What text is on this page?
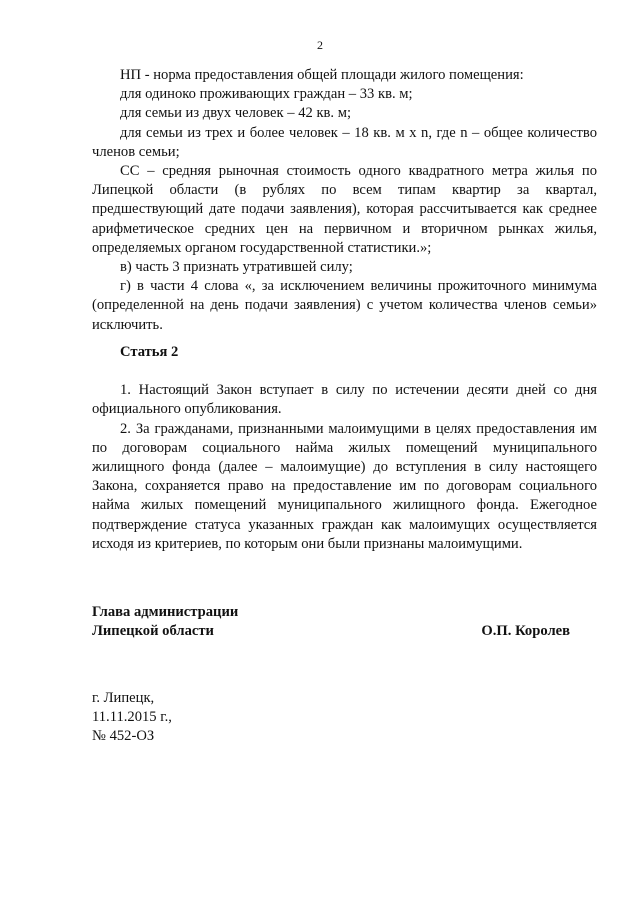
2

НП - норма предоставления общей площади жилого помещения:

для одиноко проживающих граждан – 33 кв. м;

для семьи из двух человек – 42 кв. м;

для семьи из трех и более человек – 18 кв. м x n, где n – общее количество членов семьи;

СС – средняя рыночная стоимость одного квадратного метра жилья по Липецкой области (в рублях по всем типам квартир за квартал, предшествующий дате подачи заявления), которая рассчитывается как среднее арифметическое средних цен на первичном и вторичном рынках жилья, определяемых органом государственной статистики.»;

в) часть 3 признать утратившей силу;

г) в части 4 слова «, за исключением величины прожиточного минимума (определенной на день подачи заявления) с учетом количества членов семьи» исключить.

Статья 2

1. Настоящий Закон вступает в силу по истечении десяти дней со дня официального опубликования.

2. За гражданами, признанными малоимущими в целях предоставления им по договорам социального найма жилых помещений муниципального жилищного фонда (далее – малоимущие) до вступления в силу настоящего Закона, сохраняется право на предоставление им по договорам социального найма жилых помещений муниципального жилищного фонда. Ежегодное подтверждение статуса указанных граждан как малоимущих осуществляется исходя из критериев, по которым они были признаны малоимущими.

Глава администрации
Липецкой области	О.П. Королев
г. Липецк,
11.11.2015 г.,
№ 452-ОЗ
